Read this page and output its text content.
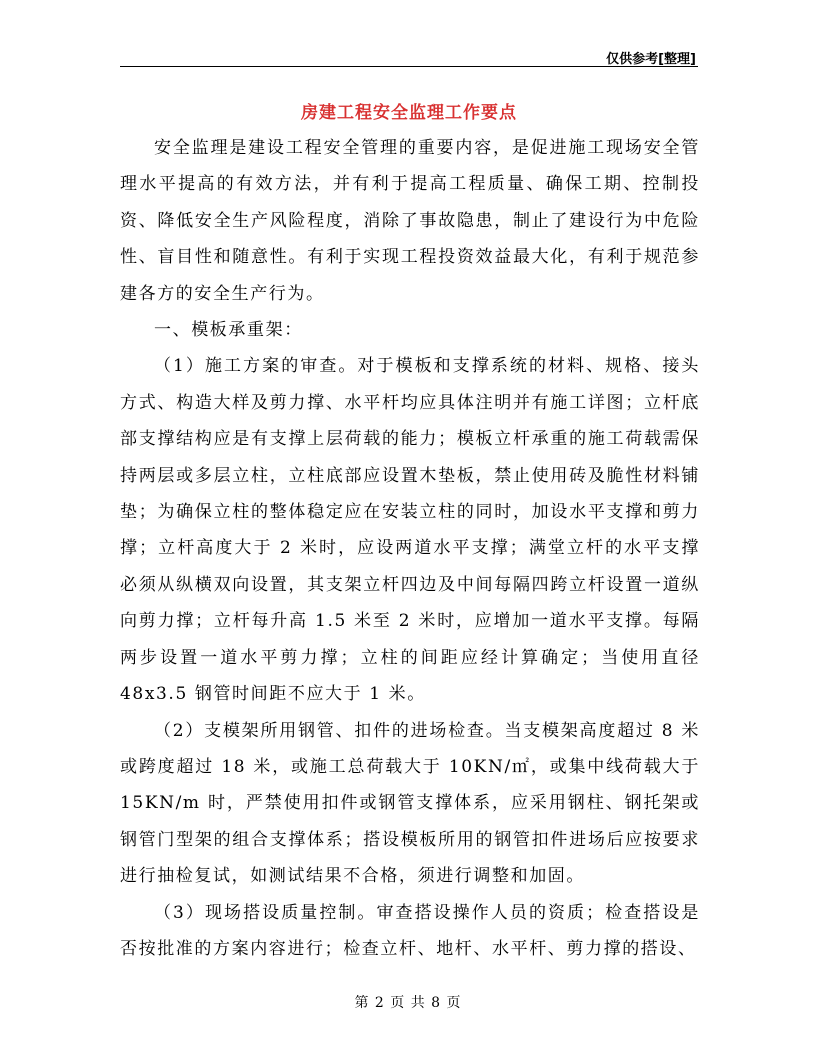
仅供参考[整理]
房建工程安全监理工作要点

安全监理是建设工程安全管理的重要内容，是促进施工现场安全管理水平提高的有效方法，并有利于提高工程质量、确保工期、控制投资、降低安全生产风险程度，消除了事故隐患，制止了建设行为中危险性、盲目性和随意性。有利于实现工程投资效益最大化，有利于规范参建各方的安全生产行为。

一、模板承重架：

（1）施工方案的审查。对于模板和支撑系统的材料、规格、接头方式、构造大样及剪力撑、水平杆均应具体注明并有施工详图；立杆底部支撑结构应是有支撑上层荷载的能力；模板立杆承重的施工荷载需保持两层或多层立柱，立柱底部应设置木垫板，禁止使用砖及脆性材料铺垫；为确保立柱的整体稳定应在安装立柱的同时，加设水平支撑和剪力撑；立杆高度大于 2 米时，应设两道水平支撑；满堂立杆的水平支撑必须从纵横双向设置，其支架立杆四边及中间每隔四跨立杆设置一道纵向剪力撑；立杆每升高 1.5 米至 2 米时，应增加一道水平支撑。每隔两步设置一道水平剪力撑；立柱的间距应经计算确定；当使用直径 48x3.5 钢管时间距不应大于 1 米。

（2）支模架所用钢管、扣件的进场检查。当支模架高度超过 8 米或跨度超过 18 米，或施工总荷载大于 10KN/㎡，或集中线荷载大于 15KN/m 时，严禁使用扣件或钢管支撑体系，应采用钢柱、钢托架或钢管门型架的组合支撑体系；搭设模板所用的钢管扣件进场后应按要求进行抽检复试，如测试结果不合格，须进行调整和加固。

（3）现场搭设质量控制。审查搭设操作人员的资质；检查搭设是否按批准的方案内容进行；检查立杆、地杆、水平杆、剪力撑的搭设、

第 2 页 共 8 页
